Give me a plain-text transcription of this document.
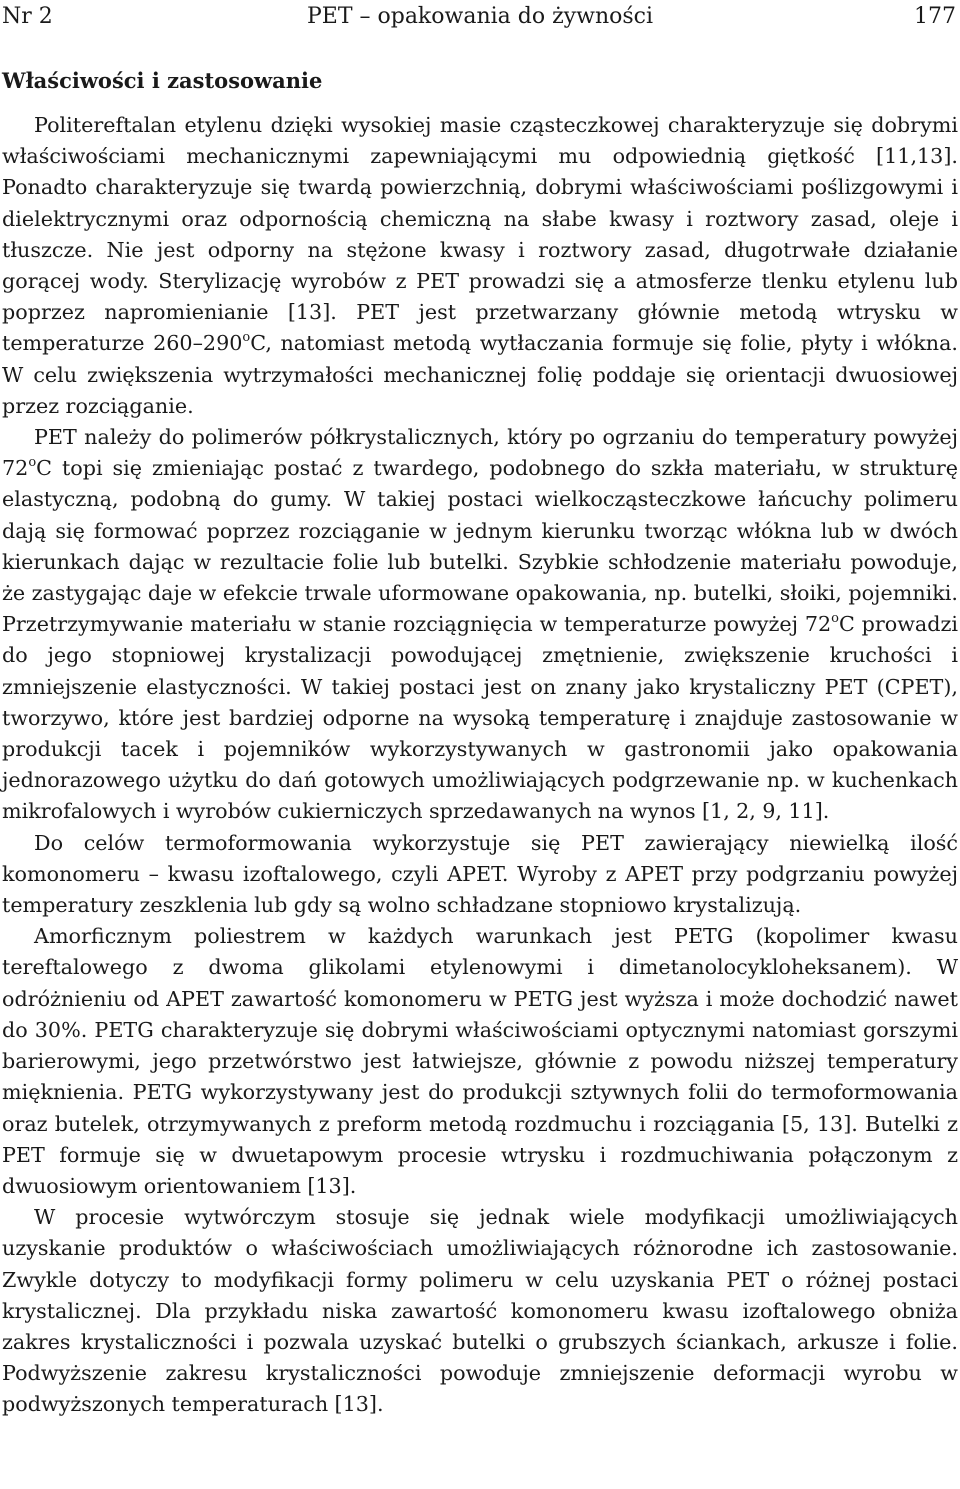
Nr 2	PET – opakowania do żywności	177
Właściwości i zastosowanie

Politereftalan etylenu dzięki wysokiej masie cząsteczkowej charakteryzuje się dobrymi właściwościami mechanicznymi zapewniającymi mu odpowiednią giętkość [11,13]. Ponadto charakteryzuje się twardą powierzchnią, dobrymi właściwościami poślizgowymi i dielektrycznymi oraz odpornością chemiczną na słabe kwasy i roztwory zasad, oleje i tłuszcze. Nie jest odporny na stężone kwasy i roztwory zasad, długotrwałe działanie gorącej wody. Sterylizację wyrobów z PET prowadzi się a atmosferze tlenku etylenu lub poprzez napromienianie [13]. PET jest przetwarzany głównie metodą wtrysku w temperaturze 260–290$^o$C, natomiast metodą wytłaczania formuje się folie, płyty i włókna. W celu zwiększenia wytrzymałości mechanicznej folię poddaje się orientacji dwuosiowej przez rozciąganie.

PET należy do polimerów półkrystalicznych, który po ogrzaniu do temperatury powyżej 72$^o$C topi się zmieniając postać z twardego, podobnego do szkła materiału, w strukturę elastyczną, podobną do gumy. W takiej postaci wielkocząsteczkowe łańcuchy polimeru dają się formować poprzez rozciąganie w jednym kierunku tworząc włókna lub w dwóch kierunkach dając w rezultacie folie lub butelki. Szybkie schłodzenie materiału powoduje, że zastygając daje w efekcie trwale uformowane opakowania, np. butelki, słoiki, pojemniki. Przetrzymywanie materiału w stanie rozciągnięcia w temperaturze powyżej 72$^o$C prowadzi do jego stopniowej krystalizacji powodującej zmętnienie, zwiększenie kruchości i zmniejszenie elastyczności. W takiej postaci jest on znany jako krystaliczny PET (CPET), tworzywo, które jest bardziej odporne na wysoką temperaturę i znajduje zastosowanie w produkcji tacek i pojemników wykorzystywanych w gastronomii jako opakowania jednorazowego użytku do dań gotowych umożliwiających podgrzewanie np. w kuchenkach mikrofalowych i wyrobów cukierniczych sprzedawanych na wynos [1, 2, 9, 11].

Do celów termoformowania wykorzystuje się PET zawierający niewielką ilość komonomeru – kwasu izoftalowego, czyli APET. Wyroby z APET przy podgrzaniu powyżej temperatury zeszklenia lub gdy są wolno schładzane stopniowo krystalizują.

Amorficznym poliestrem w każdych warunkach jest PETG (kopolimer kwasu tereftalowego z dwoma glikolami etylenowymi i dimetanolocykloheksanem). W odróżnieniu od APET zawartość komonomeru w PETG jest wyższa i może dochodzić nawet do 30%. PETG charakteryzuje się dobrymi właściwościami optycznymi natomiast gorszymi barierowymi, jego przetwórstwo jest łatwiejsze, głównie z powodu niższej temperatury mięknienia. PETG wykorzystywany jest do produkcji sztywnych folii do termoformowania oraz butelek, otrzymywanych z preform metodą rozdmuchu i rozciągania [5, 13]. Butelki z PET formuje się w dwuetapowym procesie wtrysku i rozdmuchiwania połączonym z dwuosiowym orientowaniem [13].

W procesie wytwórczym stosuje się jednak wiele modyfikacji umożliwiających uzyskanie produktów o właściwościach umożliwiających różnorodne ich zastosowanie. Zwykle dotyczy to modyfikacji formy polimeru w celu uzyskania PET o różnej postaci krystalicznej. Dla przykładu niska zawartość komonomeru kwasu izoftalowego obniża zakres krystaliczności i pozwala uzyskać butelki o grubszych ściankach, arkusze i folie. Podwyższenie zakresu krystaliczności powoduje zmniejszenie deformacji wyrobu w podwyższonych temperaturach [13].
